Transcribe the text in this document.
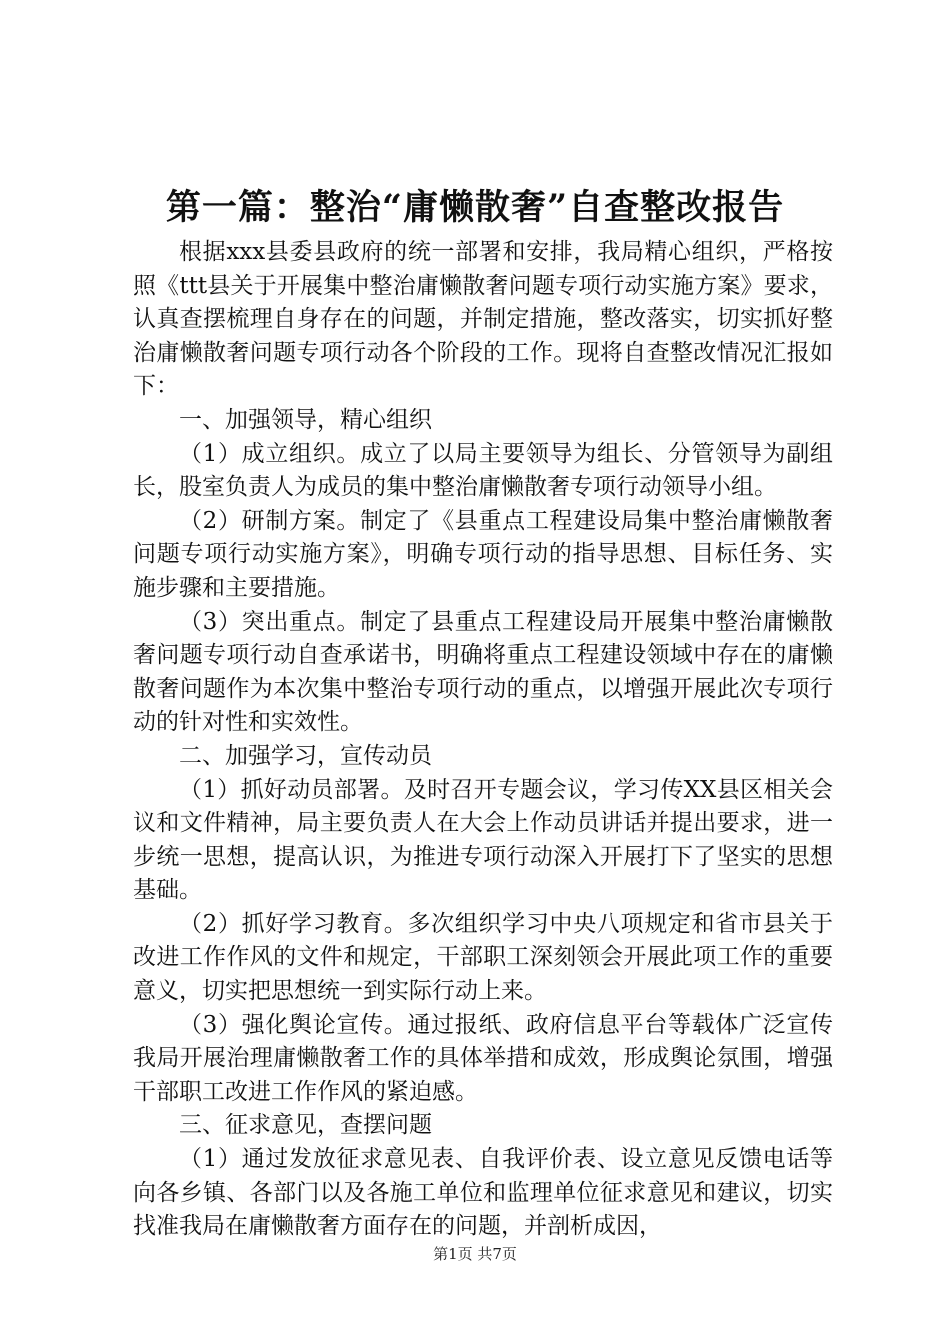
第一篇：整治“庸懒散奢”自查整改报告

根据xxx县委县政府的统一部署和安排，我局精心组织，严格按照《ttt县关于开展集中整治庸懒散奢问题专项行动实施方案》要求，认真查摆梳理自身存在的问题，并制定措施，整改落实，切实抓好整治庸懒散奢问题专项行动各个阶段的工作。现将自查整改情况汇报如下：

一、加强领导，精心组织

（1）成立组织。成立了以局主要领导为组长、分管领导为副组长，股室负责人为成员的集中整治庸懒散奢专项行动领导小组。

（2）研制方案。制定了《县重点工程建设局集中整治庸懒散奢问题专项行动实施方案》，明确专项行动的指导思想、目标任务、实施步骤和主要措施。

（3）突出重点。制定了县重点工程建设局开展集中整治庸懒散奢问题专项行动自查承诺书，明确将重点工程建设领域中存在的庸懒散奢问题作为本次集中整治专项行动的重点，以增强开展此次专项行动的针对性和实效性。

二、加强学习，宣传动员

（1）抓好动员部署。及时召开专题会议，学习传XX县区相关会议和文件精神，局主要负责人在大会上作动员讲话并提出要求，进一步统一思想，提高认识，为推进专项行动深入开展打下了坚实的思想基础。

（2）抓好学习教育。多次组织学习中央八项规定和省市县关于改进工作作风的文件和规定，干部职工深刻领会开展此项工作的重要意义，切实把思想统一到实际行动上来。

（3）强化舆论宣传。通过报纸、政府信息平台等载体广泛宣传我局开展治理庸懒散奢工作的具体举措和成效，形成舆论氛围，增强干部职工改进工作作风的紧迫感。

三、征求意见，查摆问题

（1）通过发放征求意见表、自我评价表、设立意见反馈电话等向各乡镇、各部门以及各施工单位和监理单位征求意见和建议，切实找准我局在庸懒散奢方面存在的问题，并剖析成因，

第1页 共7页
